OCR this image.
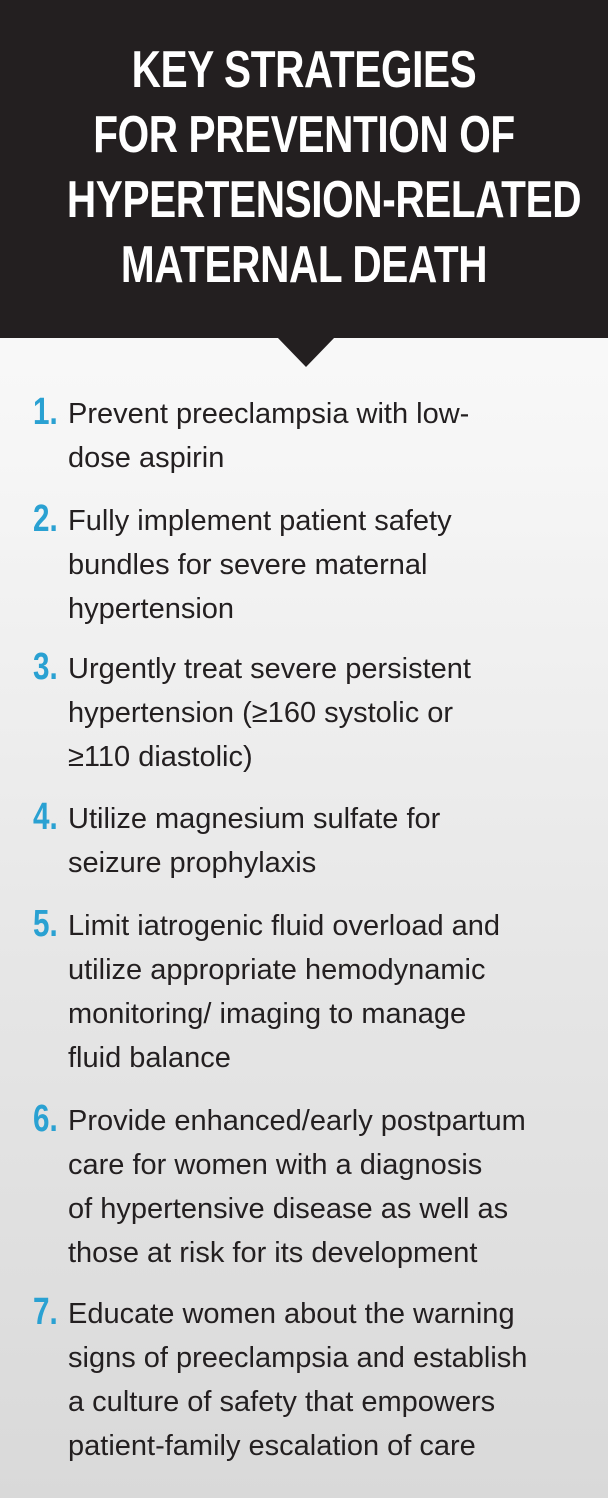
KEY STRATEGIES
FOR PREVENTION OF
HYPERTENSION-RELATED
MATERNAL DEATH
1. Prevent preeclampsia with low-
dose aspirin
2. Fully implement patient safety
bundles for severe maternal
hypertension
3. Urgently treat severe persistent
hypertension (≥160 systolic or
≥110 diastolic)
4. Utilize magnesium sulfate for
seizure prophylaxis
5. Limit iatrogenic fluid overload and
utilize appropriate hemodynamic
monitoring/ imaging to manage
fluid balance
6. Provide enhanced/early postpartum
care for women with a diagnosis
of hypertensive disease as well as
those at risk for its development
7. Educate women about the warning
signs of preeclampsia and establish
a culture of safety that empowers
patient-family escalation of care
